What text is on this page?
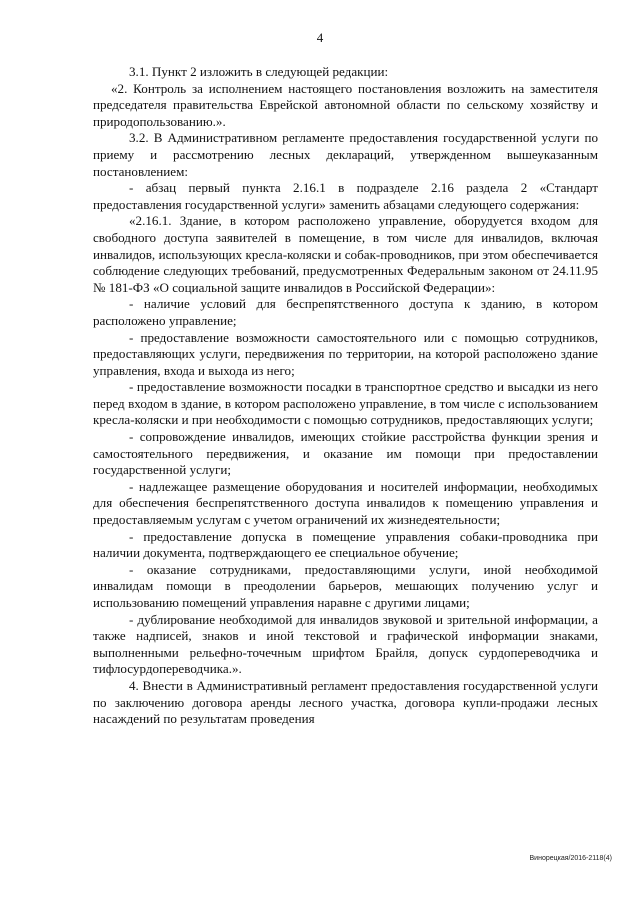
4

3.1. Пункт 2 изложить в следующей редакции:

«2. Контроль за исполнением настоящего постановления возложить на заместителя председателя правительства Еврейской автономной области по сельскому хозяйству и природопользованию.».

3.2. В Административном регламенте предоставления государственной услуги по приему и рассмотрению лесных деклараций, утвержденном вышеуказанным постановлением:

- абзац первый пункта 2.16.1 в подразделе 2.16 раздела 2 «Стандарт предоставления государственной услуги» заменить абзацами следующего содержания:

«2.16.1. Здание, в котором расположено управление, оборудуется входом для свободного доступа заявителей в помещение, в том числе для инвалидов, включая инвалидов, использующих кресла-коляски и собак-проводников, при этом обеспечивается соблюдение следующих требований, предусмотренных Федеральным законом от 24.11.95 № 181-ФЗ «О социальной защите инвалидов в Российской Федерации»:

- наличие условий для беспрепятственного доступа к зданию, в котором расположено управление;

- предоставление возможности самостоятельного или с помощью сотрудников, предоставляющих услуги, передвижения по территории, на которой расположено здание управления, входа и выхода из него;

- предоставление возможности посадки в транспортное средство и высадки из него перед входом в здание, в котором расположено управление, в том числе с использованием кресла-коляски и при необходимости с помощью сотрудников, предоставляющих услуги;

- сопровождение инвалидов, имеющих стойкие расстройства функции зрения и самостоятельного передвижения, и оказание им помощи при предоставлении государственной услуги;

- надлежащее размещение оборудования и носителей информации, необходимых для обеспечения беспрепятственного доступа инвалидов к помещению управления и предоставляемым услугам с учетом ограничений их жизнедеятельности;

- предоставление допуска в помещение управления собаки-проводника при наличии документа, подтверждающего ее специальное обучение;

- оказание сотрудниками, предоставляющими услуги, иной необходимой инвалидам помощи в преодолении барьеров, мешающих получению услуг и использованию помещений управления наравне с другими лицами;

- дублирование необходимой для инвалидов звуковой и зрительной информации, а также надписей, знаков и иной текстовой и графической информации знаками, выполненными рельефно-точечным шрифтом Брайля, допуск сурдопереводчика и тифлосурдопереводчика.».

4. Внести в Административный регламент предоставления государственной услуги по заключению договора аренды лесного участка, договора купли-продажи лесных насаждений по результатам проведения

Винорецкая/2016-2118(4)
